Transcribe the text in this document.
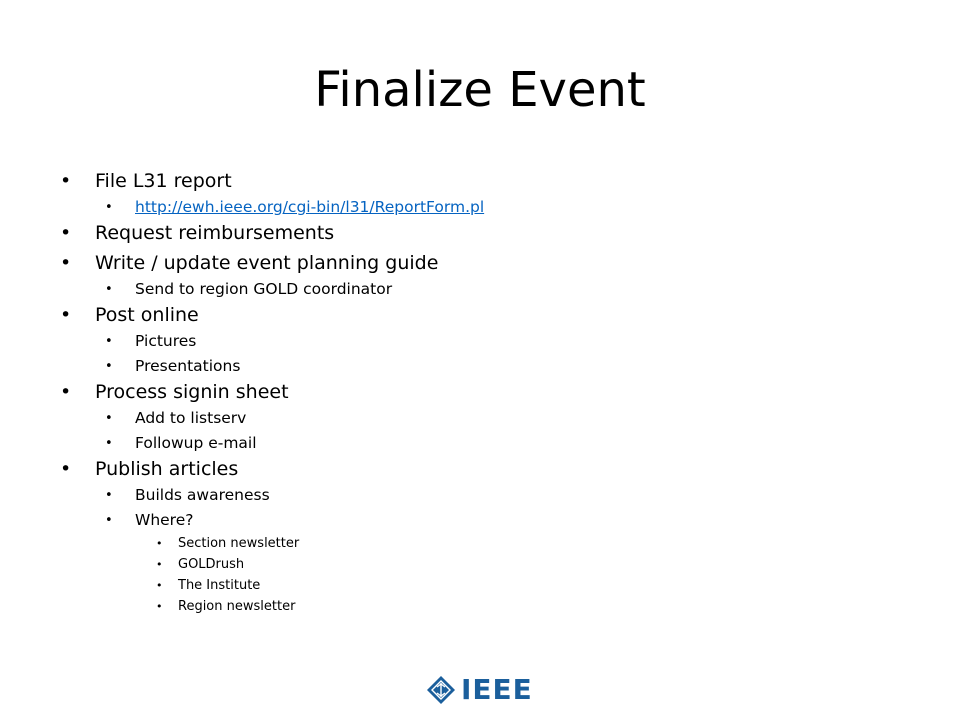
Finalize Event
• File L31 report
• http://ewh.ieee.org/cgi-bin/l31/ReportForm.pl
• Request reimbursements
• Write / update event planning guide
• Send to region GOLD coordinator
• Post online
• Pictures
• Presentations
• Process signin sheet
• Add to listserv
• Followup e-mail
• Publish articles
• Builds awareness
• Where?
• Section newsletter
• GOLDrush
• The Institute
• Region newsletter
IEEE
